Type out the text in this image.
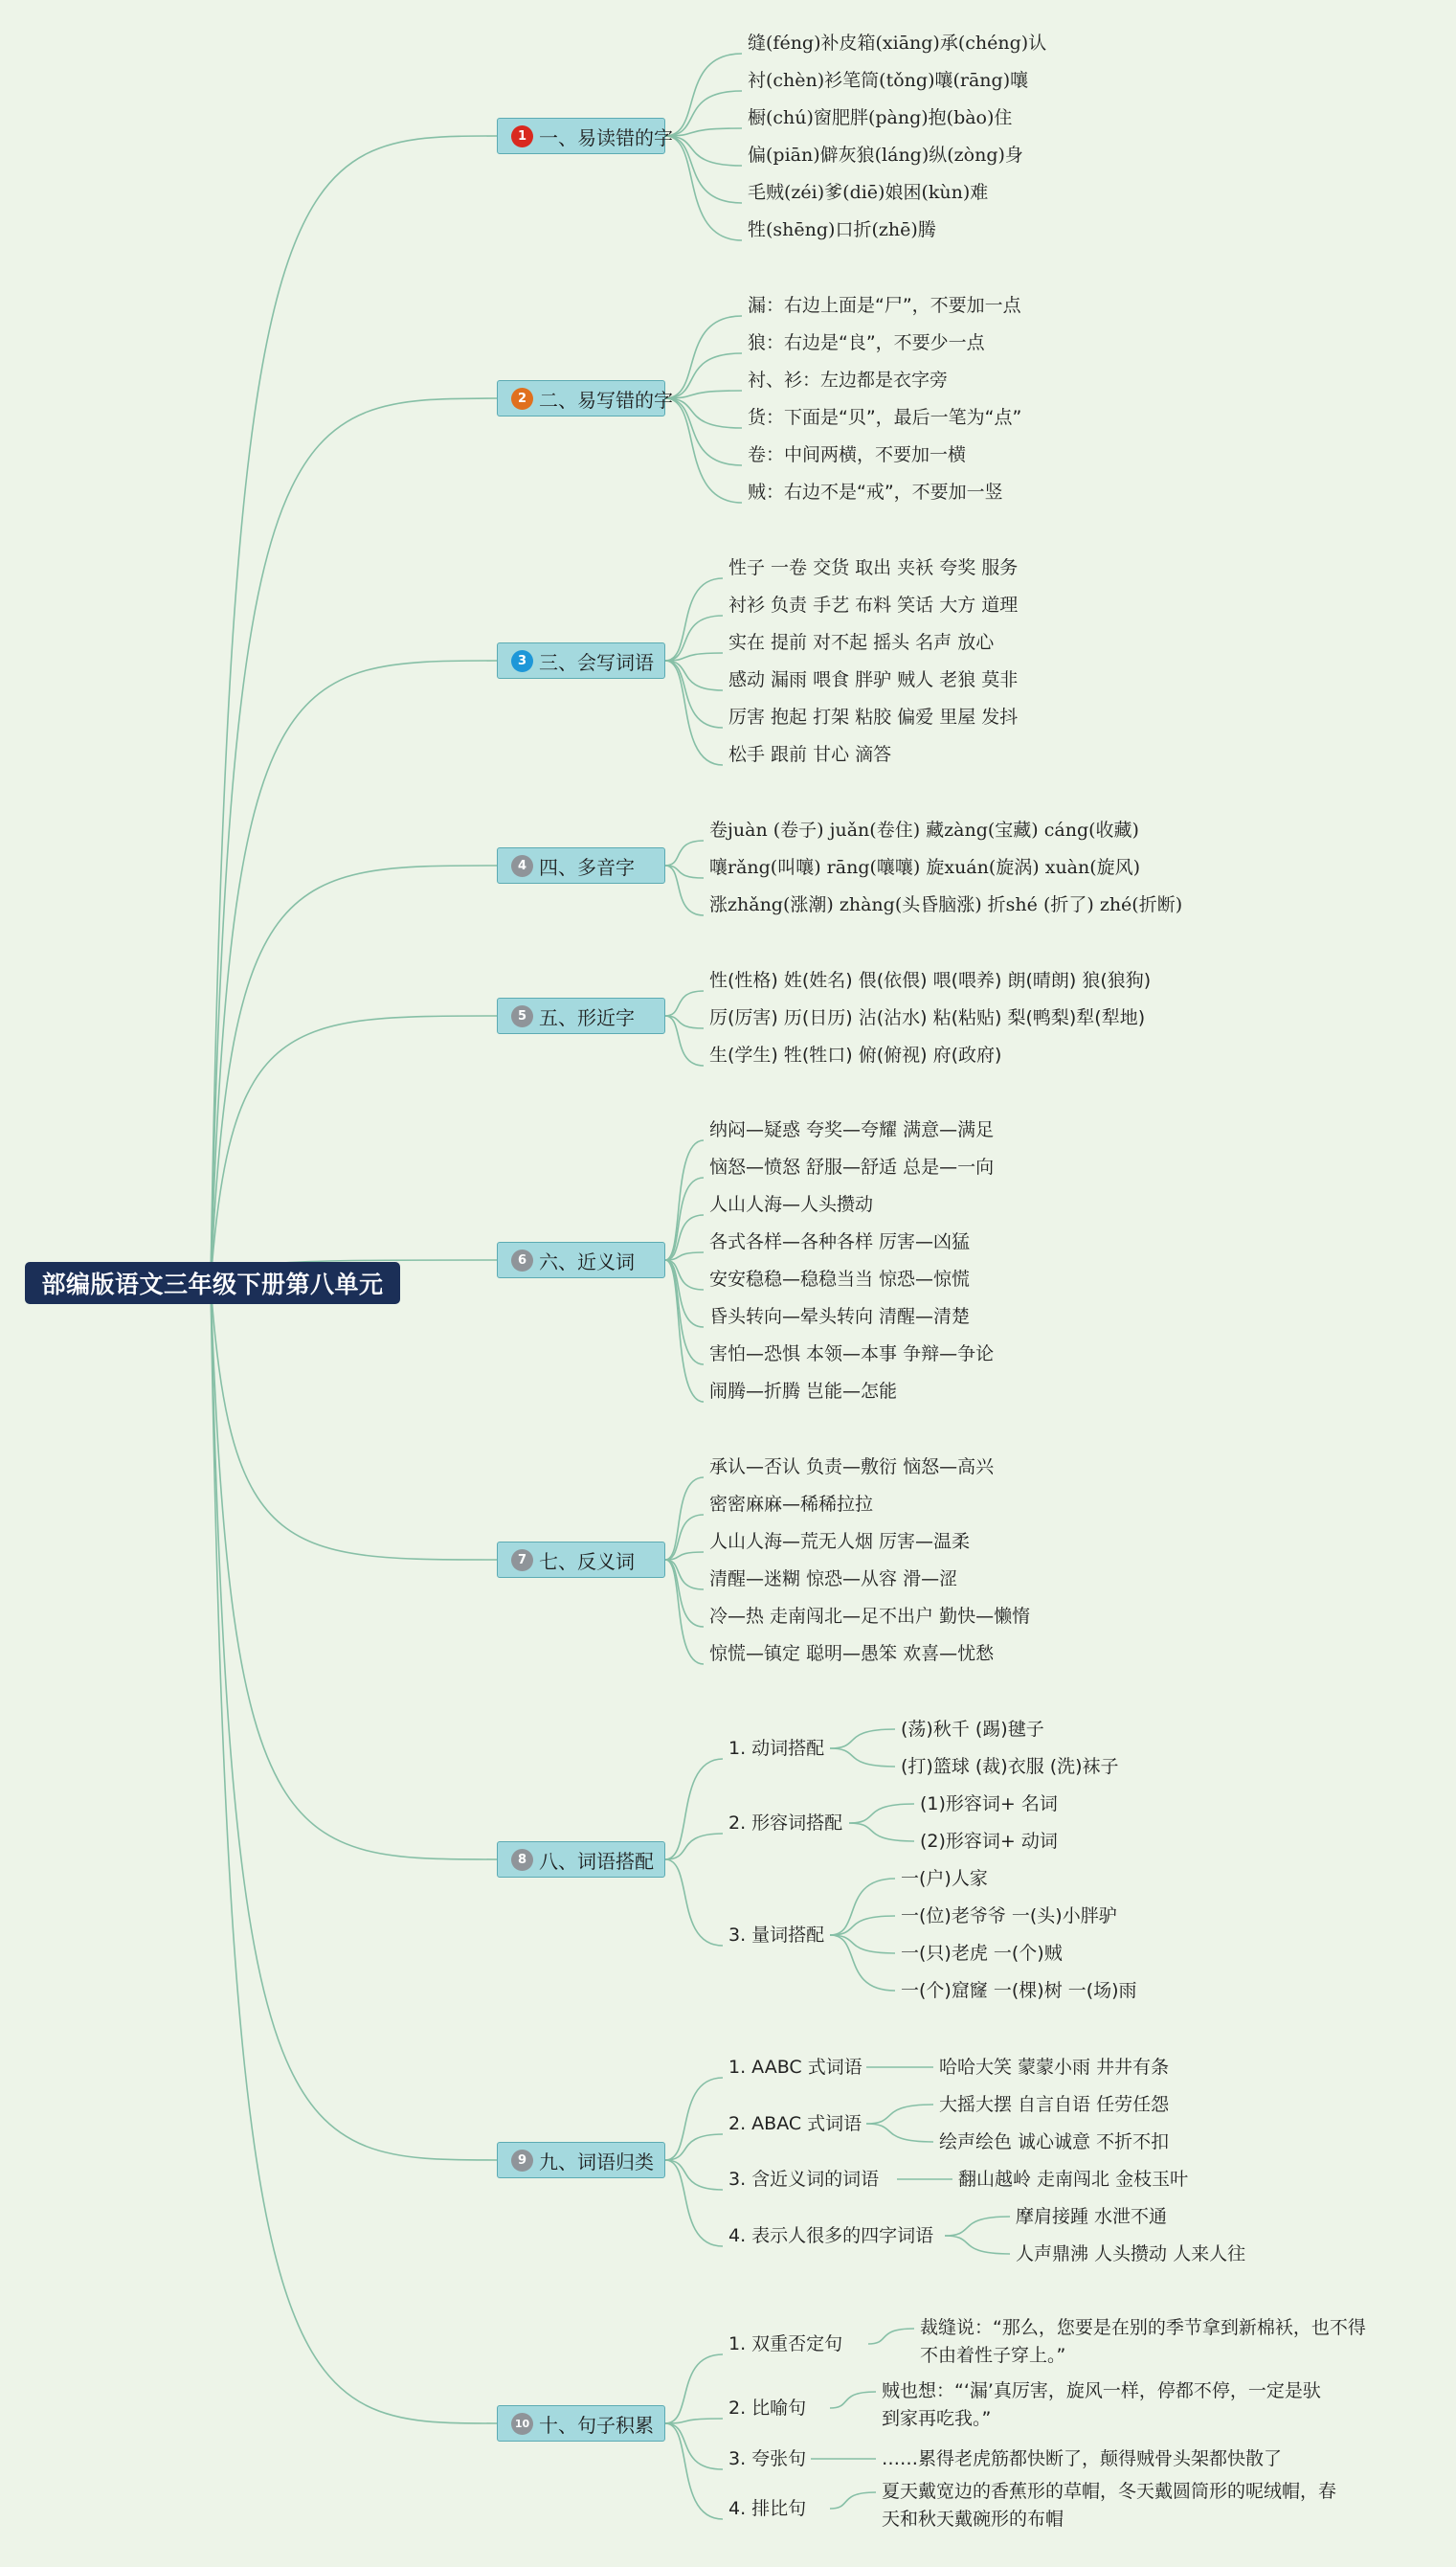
部编版语文三年级下册第八单元
1 一、易读错的字
缝(féng)补皮箱(xiāng)承(chéng)认
衬(chèn)衫笔筒(tǒng)嚷(rāng)嚷
橱(chú)窗肥胖(pàng)抱(bào)住
偏(piān)僻灰狼(láng)纵(zòng)身
毛贼(zéi)爹(diē)娘困(kùn)难
牲(shēng)口折(zhē)腾
2 二、易写错的字
漏：右边上面是“尸”，不要加一点
狼：右边是“良”，不要少一点
衬、衫：左边都是衣字旁
货：下面是“贝”，最后一笔为“点”
卷：中间两横，不要加一横
贼：右边不是“戒”，不要加一竖
3 三、会写词语
性子 一卷 交货 取出 夹袄 夸奖 服务
衬衫 负责 手艺 布料 笑话 大方 道理
实在 提前 对不起 摇头 名声 放心
感动 漏雨 喂食 胖驴 贼人 老狼 莫非
厉害 抱起 打架 粘胶 偏爱 里屋 发抖
松手 跟前 甘心 滴答
4 四、多音字
卷juàn (卷子) juǎn(卷住) 藏zàng(宝藏) cáng(收藏)
嚷rǎng(叫嚷) rāng(嚷嚷) 旋xuán(旋涡) xuàn(旋风)
涨zhǎng(涨潮) zhàng(头昏脑涨) 折shé (折了) zhé(折断)
5 五、形近字
性(性格) 姓(姓名) 偎(依偎) 喂(喂养) 朗(晴朗) 狼(狼狗)
厉(厉害) 历(日历) 沾(沾水) 粘(粘贴) 梨(鸭梨)犁(犁地)
生(学生) 牲(牲口) 俯(俯视) 府(政府)
6 六、近义词
纳闷—疑惑 夸奖—夸耀 满意—满足
恼怒—愤怒 舒服—舒适 总是—一向
人山人海—人头攒动
各式各样—各种各样 厉害—凶猛
安安稳稳—稳稳当当 惊恐—惊慌
昏头转向—晕头转向 清醒—清楚
害怕—恐惧 本领—本事 争辩—争论
闹腾—折腾 岂能—怎能
7 七、反义词
承认—否认 负责—敷衍 恼怒—高兴
密密麻麻—稀稀拉拉
人山人海—荒无人烟 厉害—温柔
清醒—迷糊 惊恐—从容 滑—涩
冷—热 走南闯北—足不出户 勤快—懒惰
惊慌—镇定 聪明—愚笨 欢喜—忧愁
8 八、词语搭配
1. 动词搭配
(荡)秋千 (踢)毽子
(打)篮球 (裁)衣服 (洗)袜子
2. 形容词搭配
(1)形容词+ 名词
(2)形容词+ 动词
3. 量词搭配
一(户)人家
一(位)老爷爷 一(头)小胖驴
一(只)老虎 一(个)贼
一(个)窟窿 一(棵)树 一(场)雨
9 九、词语归类
1. AABC 式词语	哈哈大笑 蒙蒙小雨 井井有条
2. ABAC 式词语
大摇大摆 自言自语 任劳任怨
绘声绘色 诚心诚意 不折不扣
3. 含近义词的词语	翻山越岭 走南闯北 金枝玉叶
4. 表示人很多的四字词语
摩肩接踵 水泄不通
人声鼎沸 人头攒动 人来人往
10 十、句子积累
1. 双重否定句
裁缝说：“那么，您要是在别的季节拿到新棉袄，也不得
不由着性子穿上。”
2. 比喻句
贼也想：“‘漏’真厉害，旋风一样，停都不停，一定是驮
到家再吃我。”
3. 夸张句	……累得老虎筋都快断了，颠得贼骨头架都快散了
4. 排比句
夏天戴宽边的香蕉形的草帽，冬天戴圆筒形的呢绒帽，春
天和秋天戴碗形的布帽
